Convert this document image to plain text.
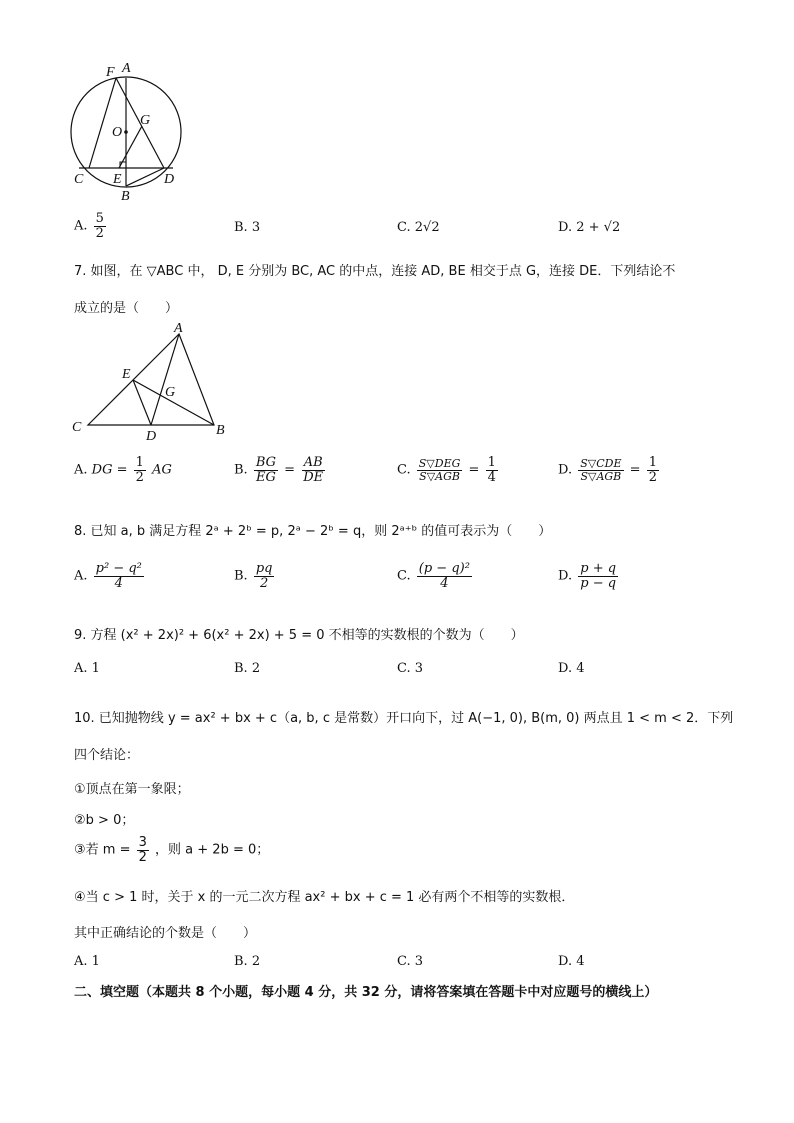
F A
O
G
C E	D
B
A. $\frac{5}{2}$	B. 3	C. 2√2	D. 2 + √2
7. 如图，在 ▽ABC 中， D, E 分别为 BC, AC 的中点，连接 AD, BE 相交于点 G，连接 DE．下列结论不
成立的是（　　）
A
E
G
C
D	B
A. DG = $\frac{1}{2}$ AG	B. $\frac{BG}{EG} = \frac{AB}{DE}$	C. $\frac{\text{S▽DEG}}{\text{S▽AGB}} = \frac{1}{4}$	D. $\frac{\text{S▽CDE}}{\text{S▽AGB}} = \frac{1}{2}$
8. 已知 a, b 满足方程 2ᵃ + 2ᵇ = p, 2ᵃ − 2ᵇ = q，则 2ᵃ⁺ᵇ 的值可表示为（　　）
A. $\frac{\text{p² − q²}}{4}$	B. $\frac{pq}{2}$	C. $\frac{\text{(p − q)²}}{4}$	D. $\frac{p + q}{p - q}$
9. 方程 (x² + 2x)² + 6(x² + 2x) + 5 = 0 不相等的实数根的个数为（　　）
A. 1	B. 2	C. 3	D. 4
10. 已知抛物线 y = ax² + bx + c（a, b, c 是常数）开口向下，过 A(−1, 0), B(m, 0) 两点且 1 < m < 2．下列
四个结论：
①顶点在第一象限；
②b > 0；
③若 $m = \frac{3}{2}$ ，则 a + 2b = 0；
④当 c > 1 时，关于 x 的一元二次方程 ax² + bx + c = 1 必有两个不相等的实数根．
其中正确结论的个数是（　　）
A. 1	B. 2	C. 3	D. 4
二、填空题（本题共 8 个小题，每小题 4 分，共 32 分，请将答案填在答题卡中对应题号的横线上）
